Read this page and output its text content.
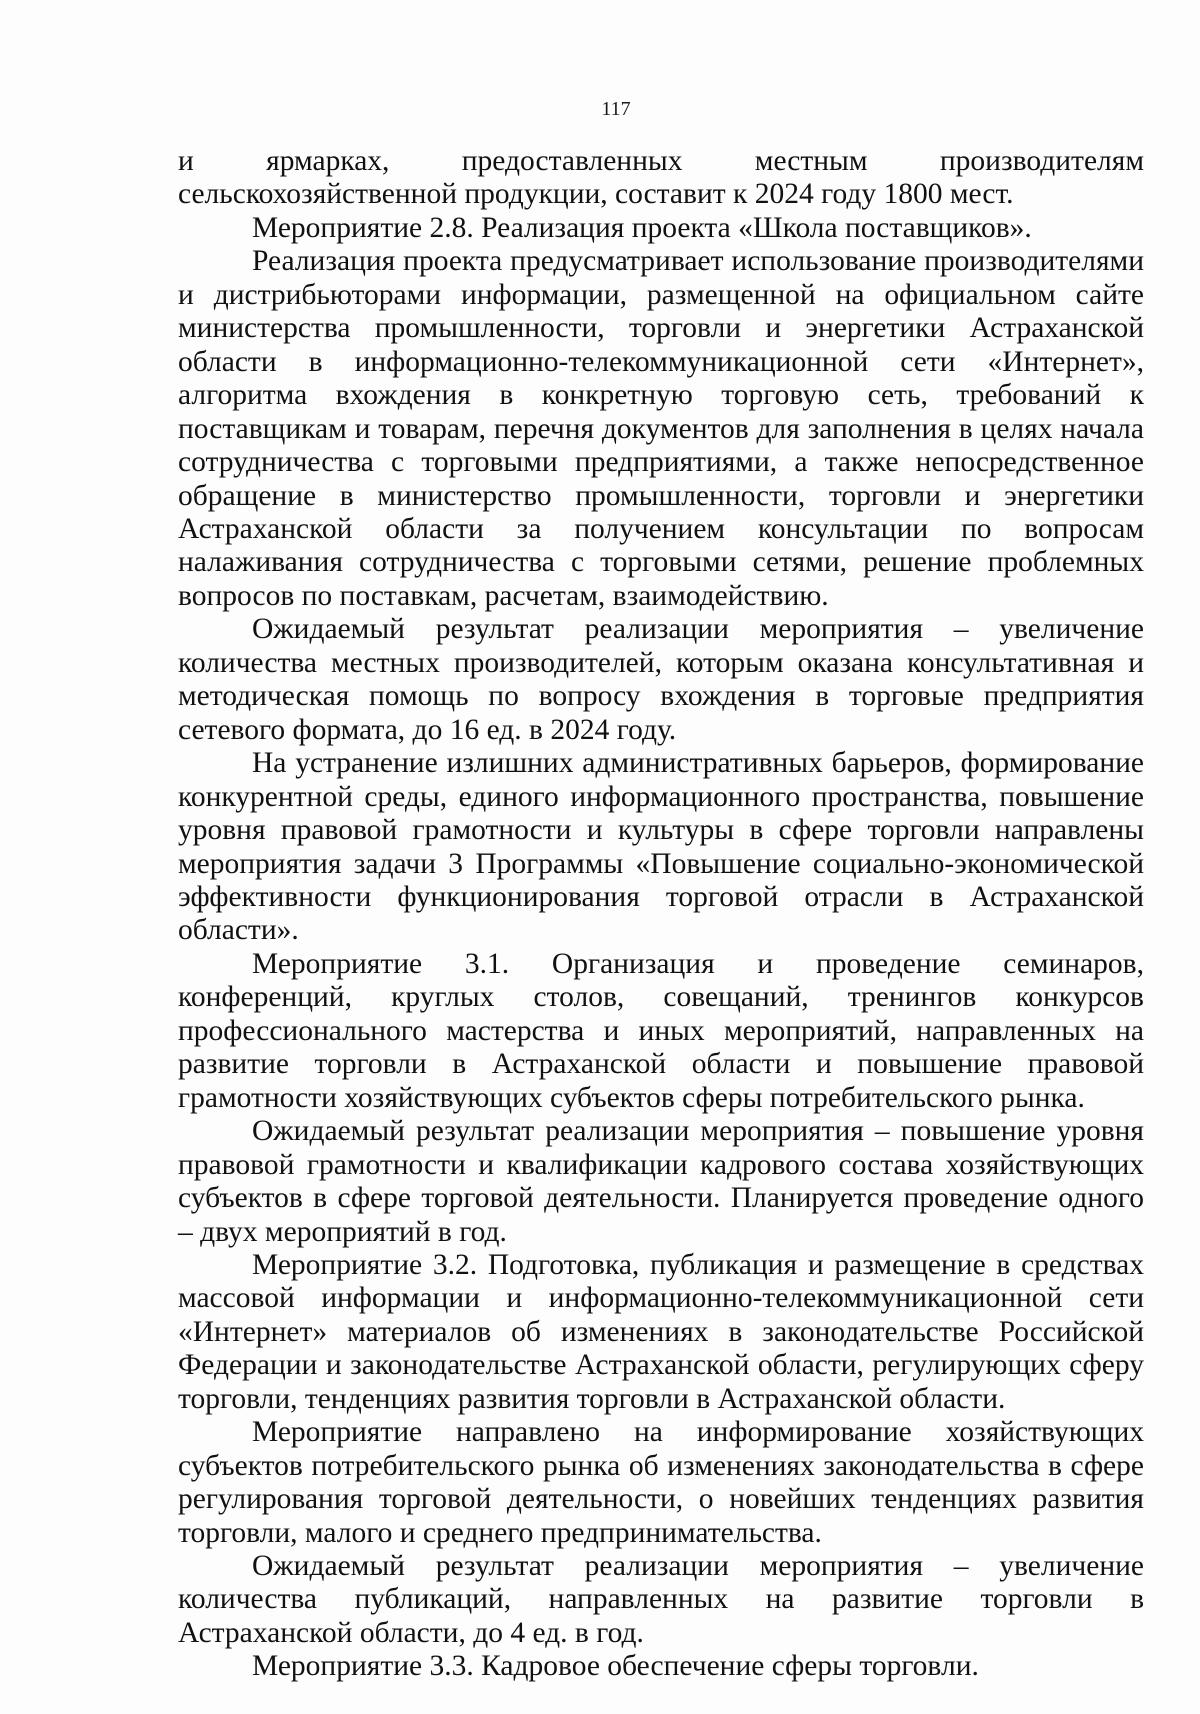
117

и ярмарках, предоставленных местным производителям сельскохозяйственной продукции, составит к 2024 году 1800 мест.

Мероприятие 2.8. Реализация проекта «Школа поставщиков».

Реализация проекта предусматривает использование производителями и дистрибьюторами информации, размещенной на официальном сайте министерства промышленности, торговли и энергетики Астраханской области в информационно-телекоммуникационной сети «Интернет», алгоритма вхождения в конкретную торговую сеть, требований к поставщикам и товарам, перечня документов для заполнения в целях начала сотрудничества с торговыми предприятиями, а также непосредственное обращение в министерство промышленности, торговли и энергетики Астраханской области за получением консультации по вопросам налаживания сотрудничества с торговыми сетями, решение проблемных вопросов по поставкам, расчетам, взаимодействию.

Ожидаемый результат реализации мероприятия – увеличение количества местных производителей, которым оказана консультативная и методическая помощь по вопросу вхождения в торговые предприятия сетевого формата, до 16 ед. в 2024 году.

На устранение излишних административных барьеров, формирование конкурентной среды, единого информационного пространства, повышение уровня правовой грамотности и культуры в сфере торговли направлены мероприятия задачи 3 Программы «Повышение социально-экономической эффективности функционирования торговой отрасли в Астраханской области».

Мероприятие 3.1. Организация и проведение семинаров, конференций, круглых столов, совещаний, тренингов конкурсов профессионального мастерства и иных мероприятий, направленных на развитие торговли в Астраханской области и повышение правовой грамотности хозяйствующих субъектов сферы потребительского рынка.

Ожидаемый результат реализации мероприятия – повышение уровня правовой грамотности и квалификации кадрового состава хозяйствующих субъектов в сфере торговой деятельности. Планируется проведение одного – двух мероприятий в год.

Мероприятие 3.2. Подготовка, публикация и размещение в средствах массовой информации и информационно-телекоммуникационной сети «Интернет» материалов об изменениях в законодательстве Российской Федерации и законодательстве Астраханской области, регулирующих сферу торговли, тенденциях развития торговли в Астраханской области.

Мероприятие направлено на информирование хозяйствующих субъектов потребительского рынка об изменениях законодательства в сфере регулирования торговой деятельности, о новейших тенденциях развития торговли, малого и среднего предпринимательства.

Ожидаемый результат реализации мероприятия – увеличение количества публикаций, направленных на развитие торговли в Астраханской области, до 4 ед. в год.

Мероприятие 3.3. Кадровое обеспечение сферы торговли.
